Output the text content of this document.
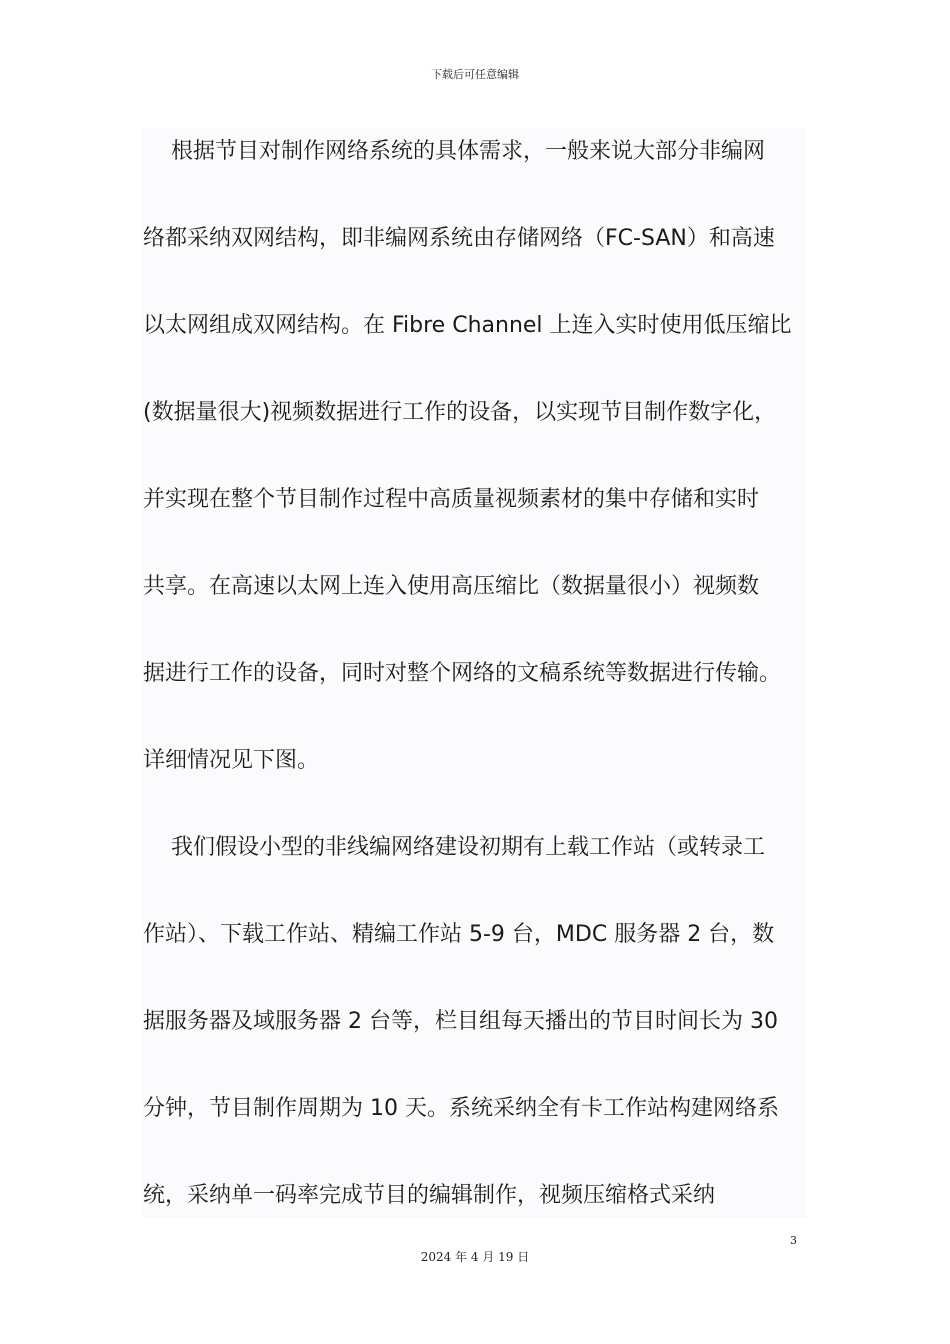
下载后可任意编辑
根据节目对制作网络系统的具体需求，一般来说大部分非编网
络都采纳双网结构，即非编网系统由存储网络（FC-SAN）和高速
以太网组成双网结构。在 Fibre Channel 上连入实时使用低压缩比
(数据量很大)视频数据进行工作的设备，以实现节目制作数字化，
并实现在整个节目制作过程中高质量视频素材的集中存储和实时
共享。在高速以太网上连入使用高压缩比（数据量很小）视频数
据进行工作的设备，同时对整个网络的文稿系统等数据进行传输。
详细情况见下图。
我们假设小型的非线编网络建设初期有上载工作站（或转录工
作站）、下载工作站、精编工作站 5-9 台，MDC 服务器 2 台，数
据服务器及域服务器 2 台等，栏目组每天播出的节目时间长为 30
分钟，节目制作周期为 10 天。系统采纳全有卡工作站构建网络系
统，采纳单一码率完成节目的编辑制作，视频压缩格式采纳
3
2024 年 4 月 19 日
